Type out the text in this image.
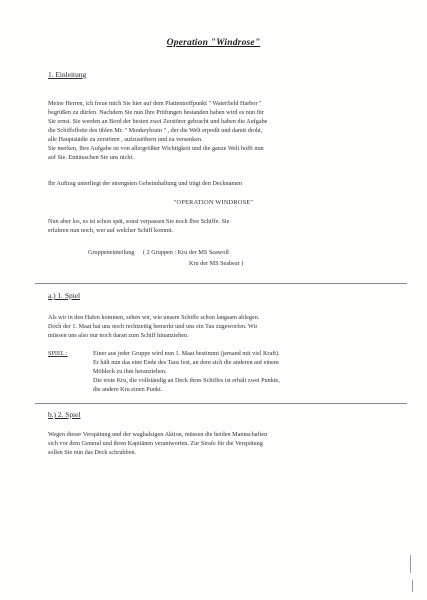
Operation "Windrose"
1. Einleitung
Meine Herren, ich freue mich Sie hier auf dem Plattentreffpunkt " Waterfield Harbor "
begrüßen zu dürfen. Nachdem Sie nun Ihre Prüfungen bestanden haben wird es nun für
Sie ernst. Sie werden an Bord der besten zwei Zerstörer gebracht und haben die Aufgabe
die Schiffsflotte des üblen Mr. " Monkeybrain " , der die Welt erpreßt und damit droht,
alle Hauptstädte zu zerstören , aufzustöbern und zu versenken.
Sie merken, Ihre Aufgabe ist von allergrößter Wichtigkeit und die ganze Welt hofft nun
auf Sie. Enttäuschen Sie uns nicht.
Ihr Auftrag unterliegt der strengsten Geheimhaltung und trägt den Decknamen
"OPERATION WINDROSE"
Nun aber los, es ist schon spät, sonst verpassen Sie noch Ihre Schiffe. Sie
erfahren nun noch, wer auf welcher Schiff kommt.
Gruppeneinteilung ( 2 Gruppen : Kru der MS Seawolf
Kru der MS Seabear )
a.) 1. Spiel
Als wir in den Hafen kommen, sehen wir, wie unsere Schiffe schon langsam ablegen.
Doch der 1. Maat hat uns noch rechtzeitig bemerkt und uns ein Tau zugeworfen. Wir
müssen uns also nur noch daran zum Schiff hinanziehen.
SPIEL :	Einer aus jeder Gruppe wird nun 1. Maat bestimmt (jemand mit viel Kraft).
Er hält nun das eine Ende des Taus fest, an dem sich die anderen auf einem
Möbleck zu ihm heranziehen.
Die erste Kru, die vollständig an Deck ihres Schiffes ist erhält zwei Punkte,
die andere Kru einen Punkt.
b.) 2. Spiel
Wegen dieser Verspätung und der waghalsigen Aktion, müssen die beiden Mannschaften
sich vor dem General und ihren Kapitänen verantworten. Zur Strafe für die Verspätung
sollen Sie nun das Deck schrubben.
